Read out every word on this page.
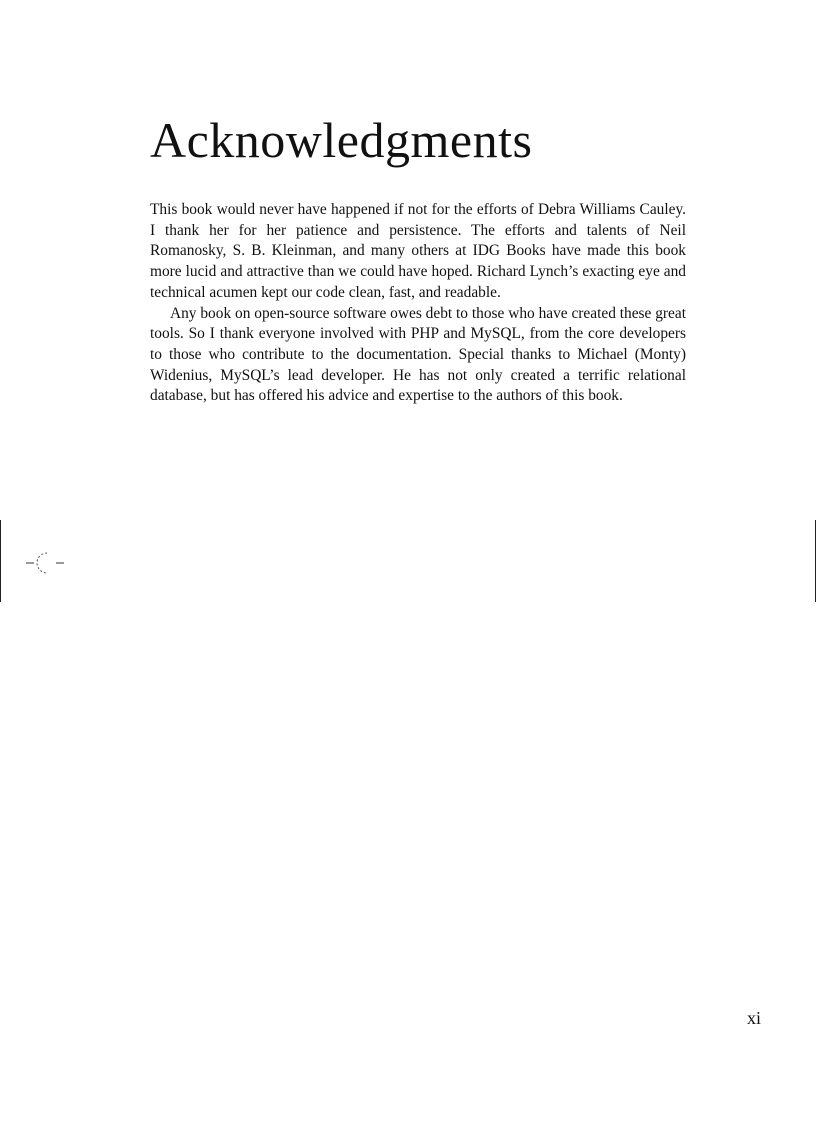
Acknowledgments

This book would never have happened if not for the efforts of Debra Williams Cauley. I thank her for her patience and persistence. The efforts and talents of Neil Romanosky, S. B. Kleinman, and many others at IDG Books have made this book more lucid and attractive than we could have hoped. Richard Lynch’s exacting eye and technical acumen kept our code clean, fast, and readable.

Any book on open-source software owes debt to those who have created these great tools. So I thank everyone involved with PHP and MySQL, from the core developers to those who contribute to the documentation. Special thanks to Michael (Monty) Widenius, MySQL’s lead developer. He has not only created a terrific relational database, but has offered his advice and expertise to the authors of this book.

xi
